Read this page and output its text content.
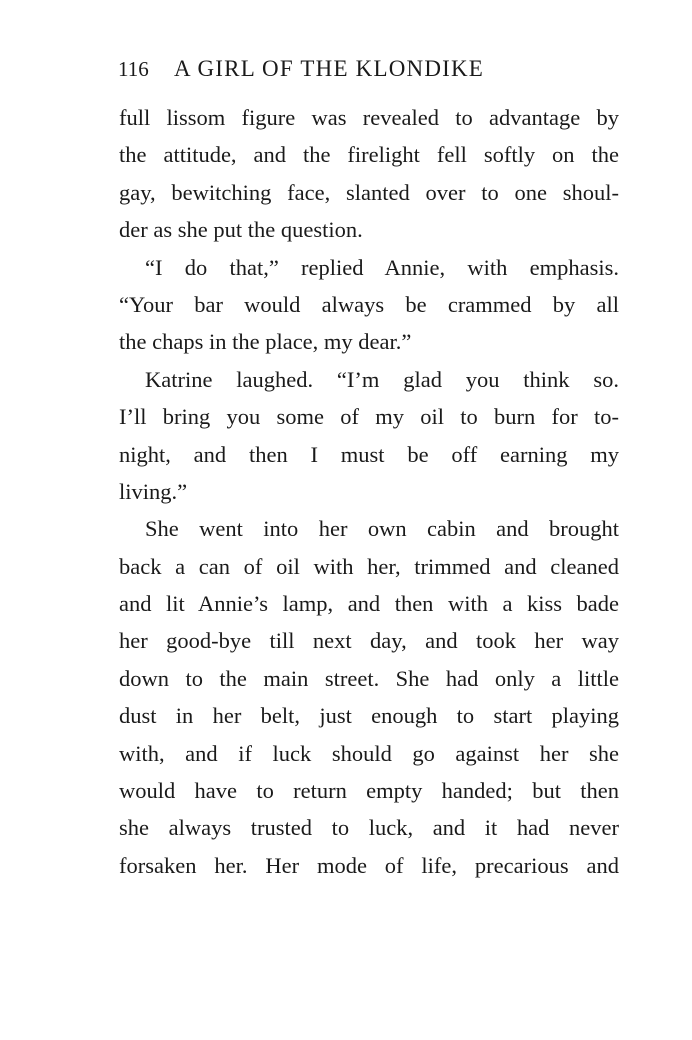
116 A GIRL OF THE KLONDIKE
full lissom figure was revealed to advantage by
the attitude, and the firelight fell softly on the
gay, bewitching face, slanted over to one shoul-
der as she put the question.
“I do that,” replied Annie, with emphasis.
“Your bar would always be crammed by all
the chaps in the place, my dear.”
Katrine laughed. “I’m glad you think so.
I’ll bring you some of my oil to burn for to-
night, and then I must be off earning my
living.”
She went into her own cabin and brought
back a can of oil with her, trimmed and cleaned
and lit Annie’s lamp, and then with a kiss bade
her good-bye till next day, and took her way
down to the main street. She had only a little
dust in her belt, just enough to start playing
with, and if luck should go against her she
would have to return empty handed; but then
she always trusted to luck, and it had never
forsaken her. Her mode of life, precarious and
